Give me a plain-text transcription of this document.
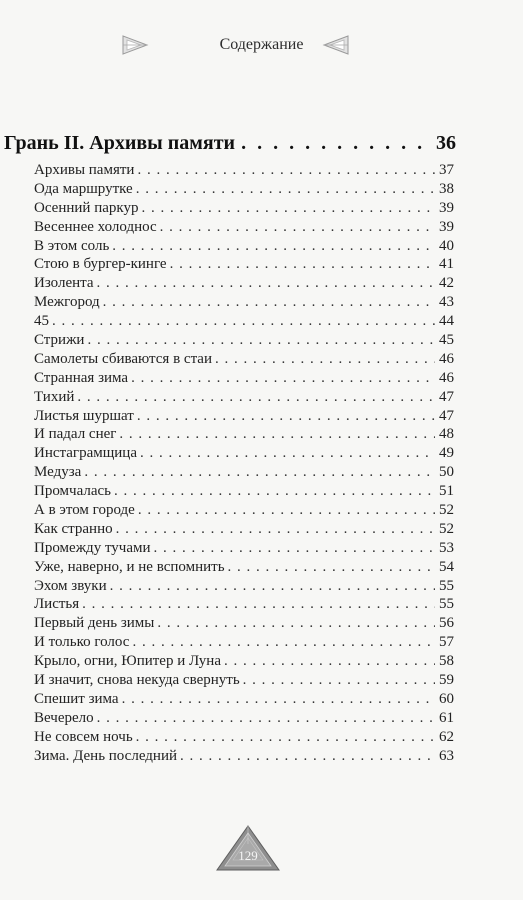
Содержание
Грань II. Архивы памяти . . .	36
Архивы памяти . . .	37
Ода маршрутке . . .	38
Осенний паркур . . .	39
Весеннее холоднос . . .	39
В этом соль . . .	40
Стою в бургер-кинге . . .	41
Изолента . . .	42
Межгород . . .	43
45 . . .	44
Стрижи . . .	45
Самолеты сбиваются в стаи . . .	46
Странная зима . . .	46
Тихий . . .	47
Листья шуршат . . .	47
И падал снег . . .	48
Инстаграмщица . . .	49
Медуза . . .	50
Промчалась . . .	51
А в этом городе . . .	52
Как странно . . .	52
Промежду тучами . . .	53
Уже, наверно, и не вспомнить . . .	54
Эхом звуки . . .	55
Листья . . .	55
Первый день зимы . . .	56
И только голос . . .	57
Крыло, огни, Юпитер и Луна . . .	58
И значит, снова некуда свернуть . . .	59
Спешит зима . . .	60
Вечерело . . .	61
Не совсем ночь . . .	62
Зима. День последний . . .	63
129
